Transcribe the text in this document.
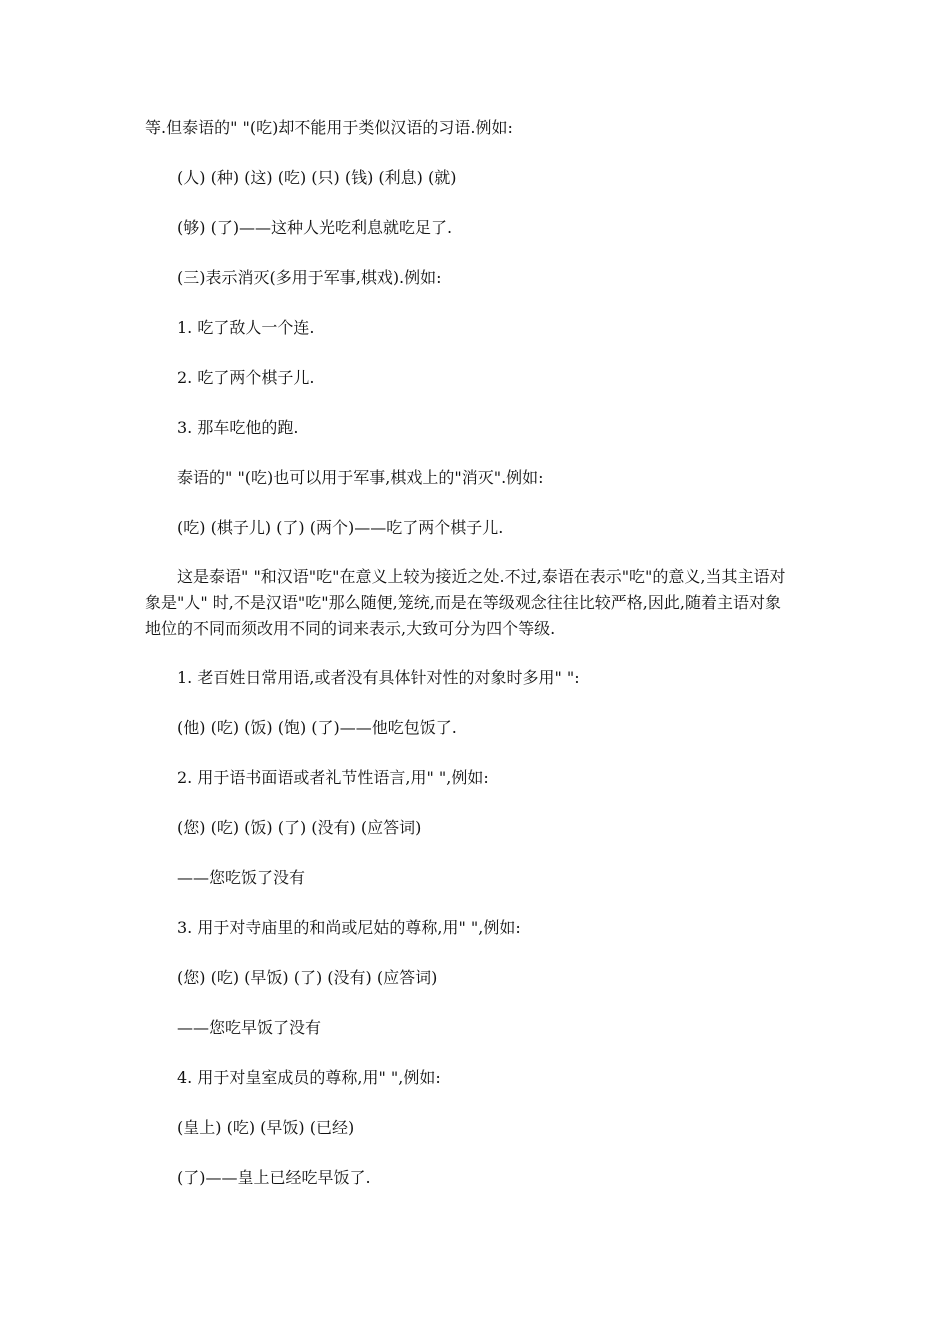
等.但泰语的" "(吃)却不能用于类似汉语的习语.例如:
(人) (种) (这) (吃) (只) (钱) (利息) (就)
(够) (了)——这种人光吃利息就吃足了.
(三)表示消灭(多用于军事,棋戏).例如:
1. 吃了敌人一个连.
2. 吃了两个棋子儿.
3. 那车吃他的跑.
泰语的" "(吃)也可以用于军事,棋戏上的"消灭".例如:
(吃) (棋子儿) (了) (两个)——吃了两个棋子儿.
这是泰语" "和汉语"吃"在意义上较为接近之处.不过,泰语在表示"吃"的意义,当其主语对
象是"人" 时,不是汉语"吃"那么随便,笼统,而是在等级观念往往比较严格,因此,随着主语对象
地位的不同而须改用不同的词来表示,大致可分为四个等级.
1. 老百姓日常用语,或者没有具体针对性的对象时多用" ":
(他) (吃) (饭) (饱) (了)——他吃包饭了.
2. 用于语书面语或者礼节性语言,用" ",例如:
(您) (吃) (饭) (了) (没有) (应答词)
——您吃饭了没有
3. 用于对寺庙里的和尚或尼姑的尊称,用" ",例如:
(您) (吃) (早饭) (了) (没有) (应答词)
——您吃早饭了没有
4. 用于对皇室成员的尊称,用" ",例如:
(皇上) (吃) (早饭) (已经)
(了)——皇上已经吃早饭了.
